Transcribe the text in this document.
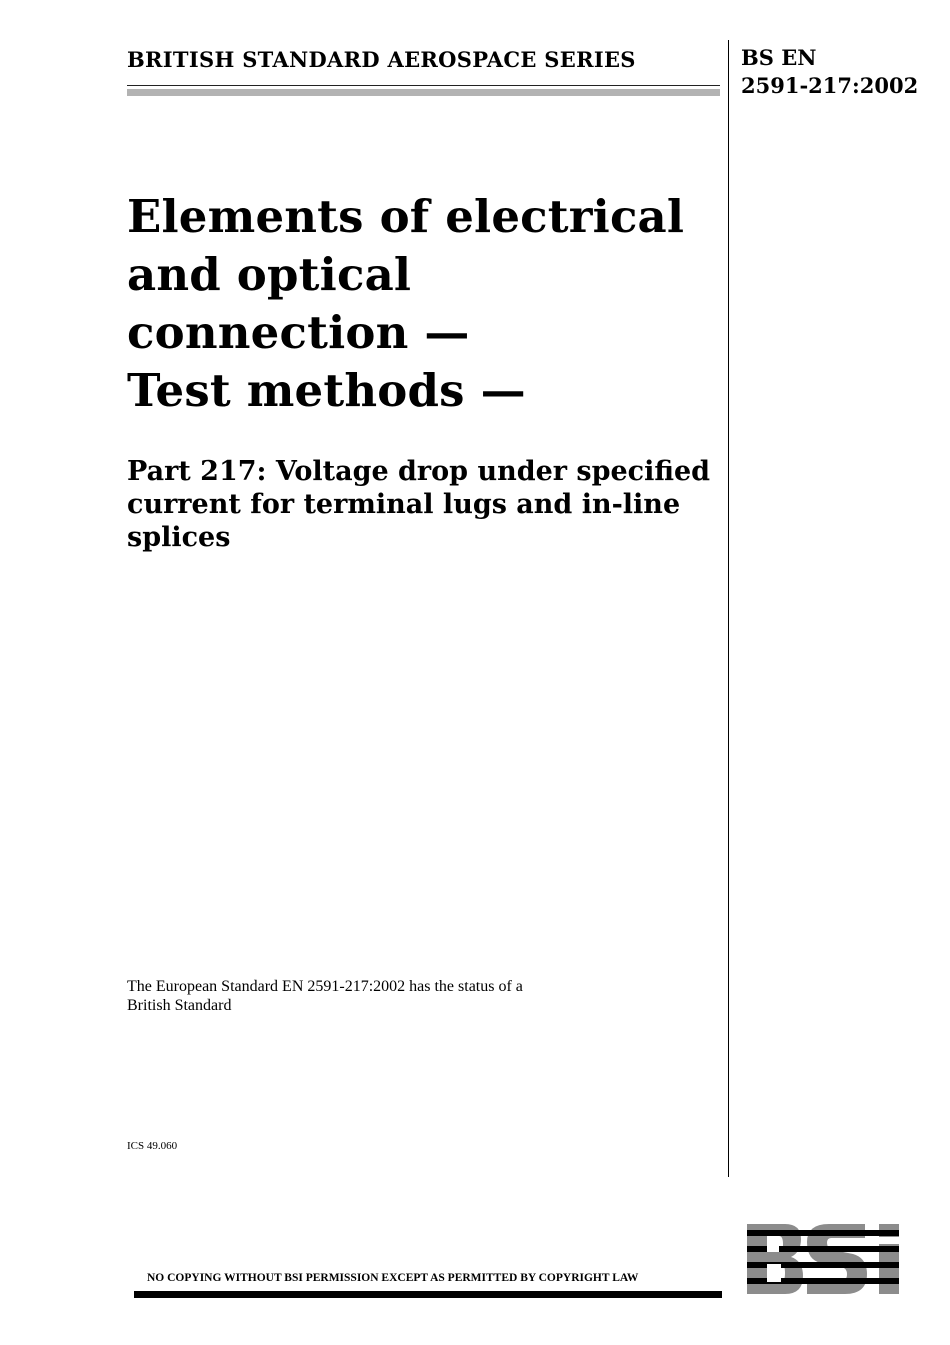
BRITISH STANDARD AEROSPACE SERIES	BS EN
2591-217:2002
Elements of electrical
and optical
connection —
Test methods —
Part 217: Voltage drop under specified
current for terminal lugs and in-line
splices
The European Standard EN 2591-217:2002 has the status of a
British Standard
ICS 49.060
NO COPYING WITHOUT BSI PERMISSION EXCEPT AS PERMITTED BY COPYRIGHT LAW
